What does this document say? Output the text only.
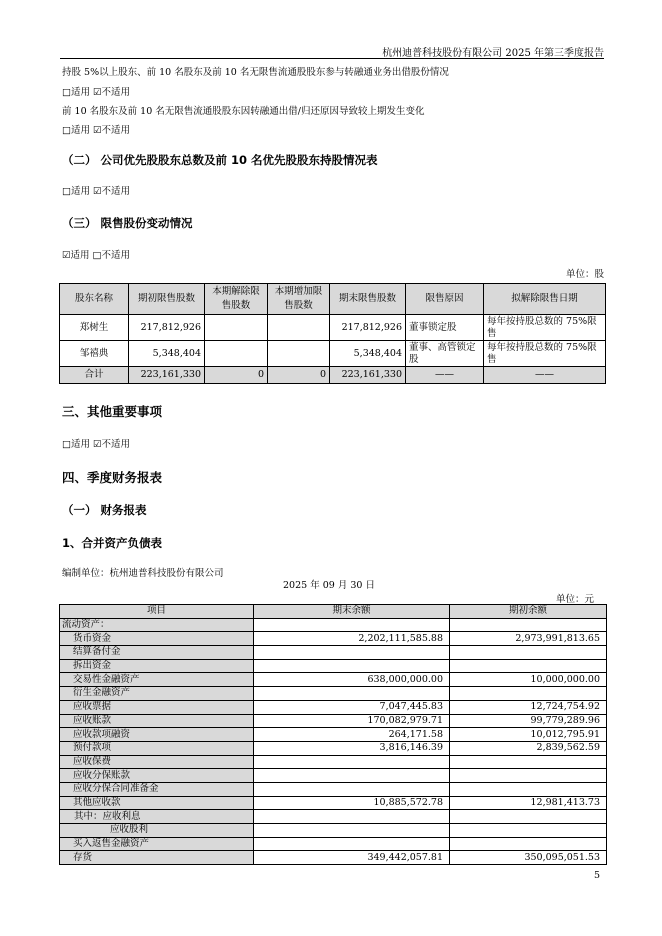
杭州迪普科技股份有限公司 2025 年第三季度报告
持股 5%以上股东、前 10 名股东及前 10 名无限售流通股股东参与转融通业务出借股份情况
□适用 ☑不适用
前 10 名股东及前 10 名无限售流通股股东因转融通出借/归还原因导致较上期发生变化
□适用 ☑不适用
（二） 公司优先股股东总数及前 10 名优先股股东持股情况表
□适用 ☑不适用
（三） 限售股份变动情况
☑适用 □不适用
单位：股
股东名称	期初限售股数	本期解除限售股数	本期增加限售股数	期末限售股数	限售原因	拟解除限售日期
郑树生	217,812,926			217,812,926	董事锁定股	每年按持股总数的 75%限售
邹禧典	5,348,404			5,348,404	董事、高管锁定股	每年按持股总数的 75%限售
合计	223,161,330	0	0	223,161,330	——	——
三、其他重要事项
□适用 ☑不适用
四、季度财务报表
（一） 财务报表
1、合并资产负债表
编制单位：杭州迪普科技股份有限公司
2025 年 09 月 30 日
单位：元
项目	期末余额	期初余额
流动资产：		
货币资金	2,202,111,585.88	2,973,991,813.65
结算备付金		
拆出资金		
交易性金融资产	638,000,000.00	10,000,000.00
衍生金融资产		
应收票据	7,047,445.83	12,724,754.92
应收账款	170,082,979.71	99,779,289.96
应收款项融资	264,171.58	10,012,795.91
预付款项	3,816,146.39	2,839,562.59
应收保费		
应收分保账款		
应收分保合同准备金		
其他应收款	10,885,572.78	12,981,413.73
其中：应收利息		
应收股利		
买入返售金融资产		
存货	349,442,057.81	350,095,051.53
5
